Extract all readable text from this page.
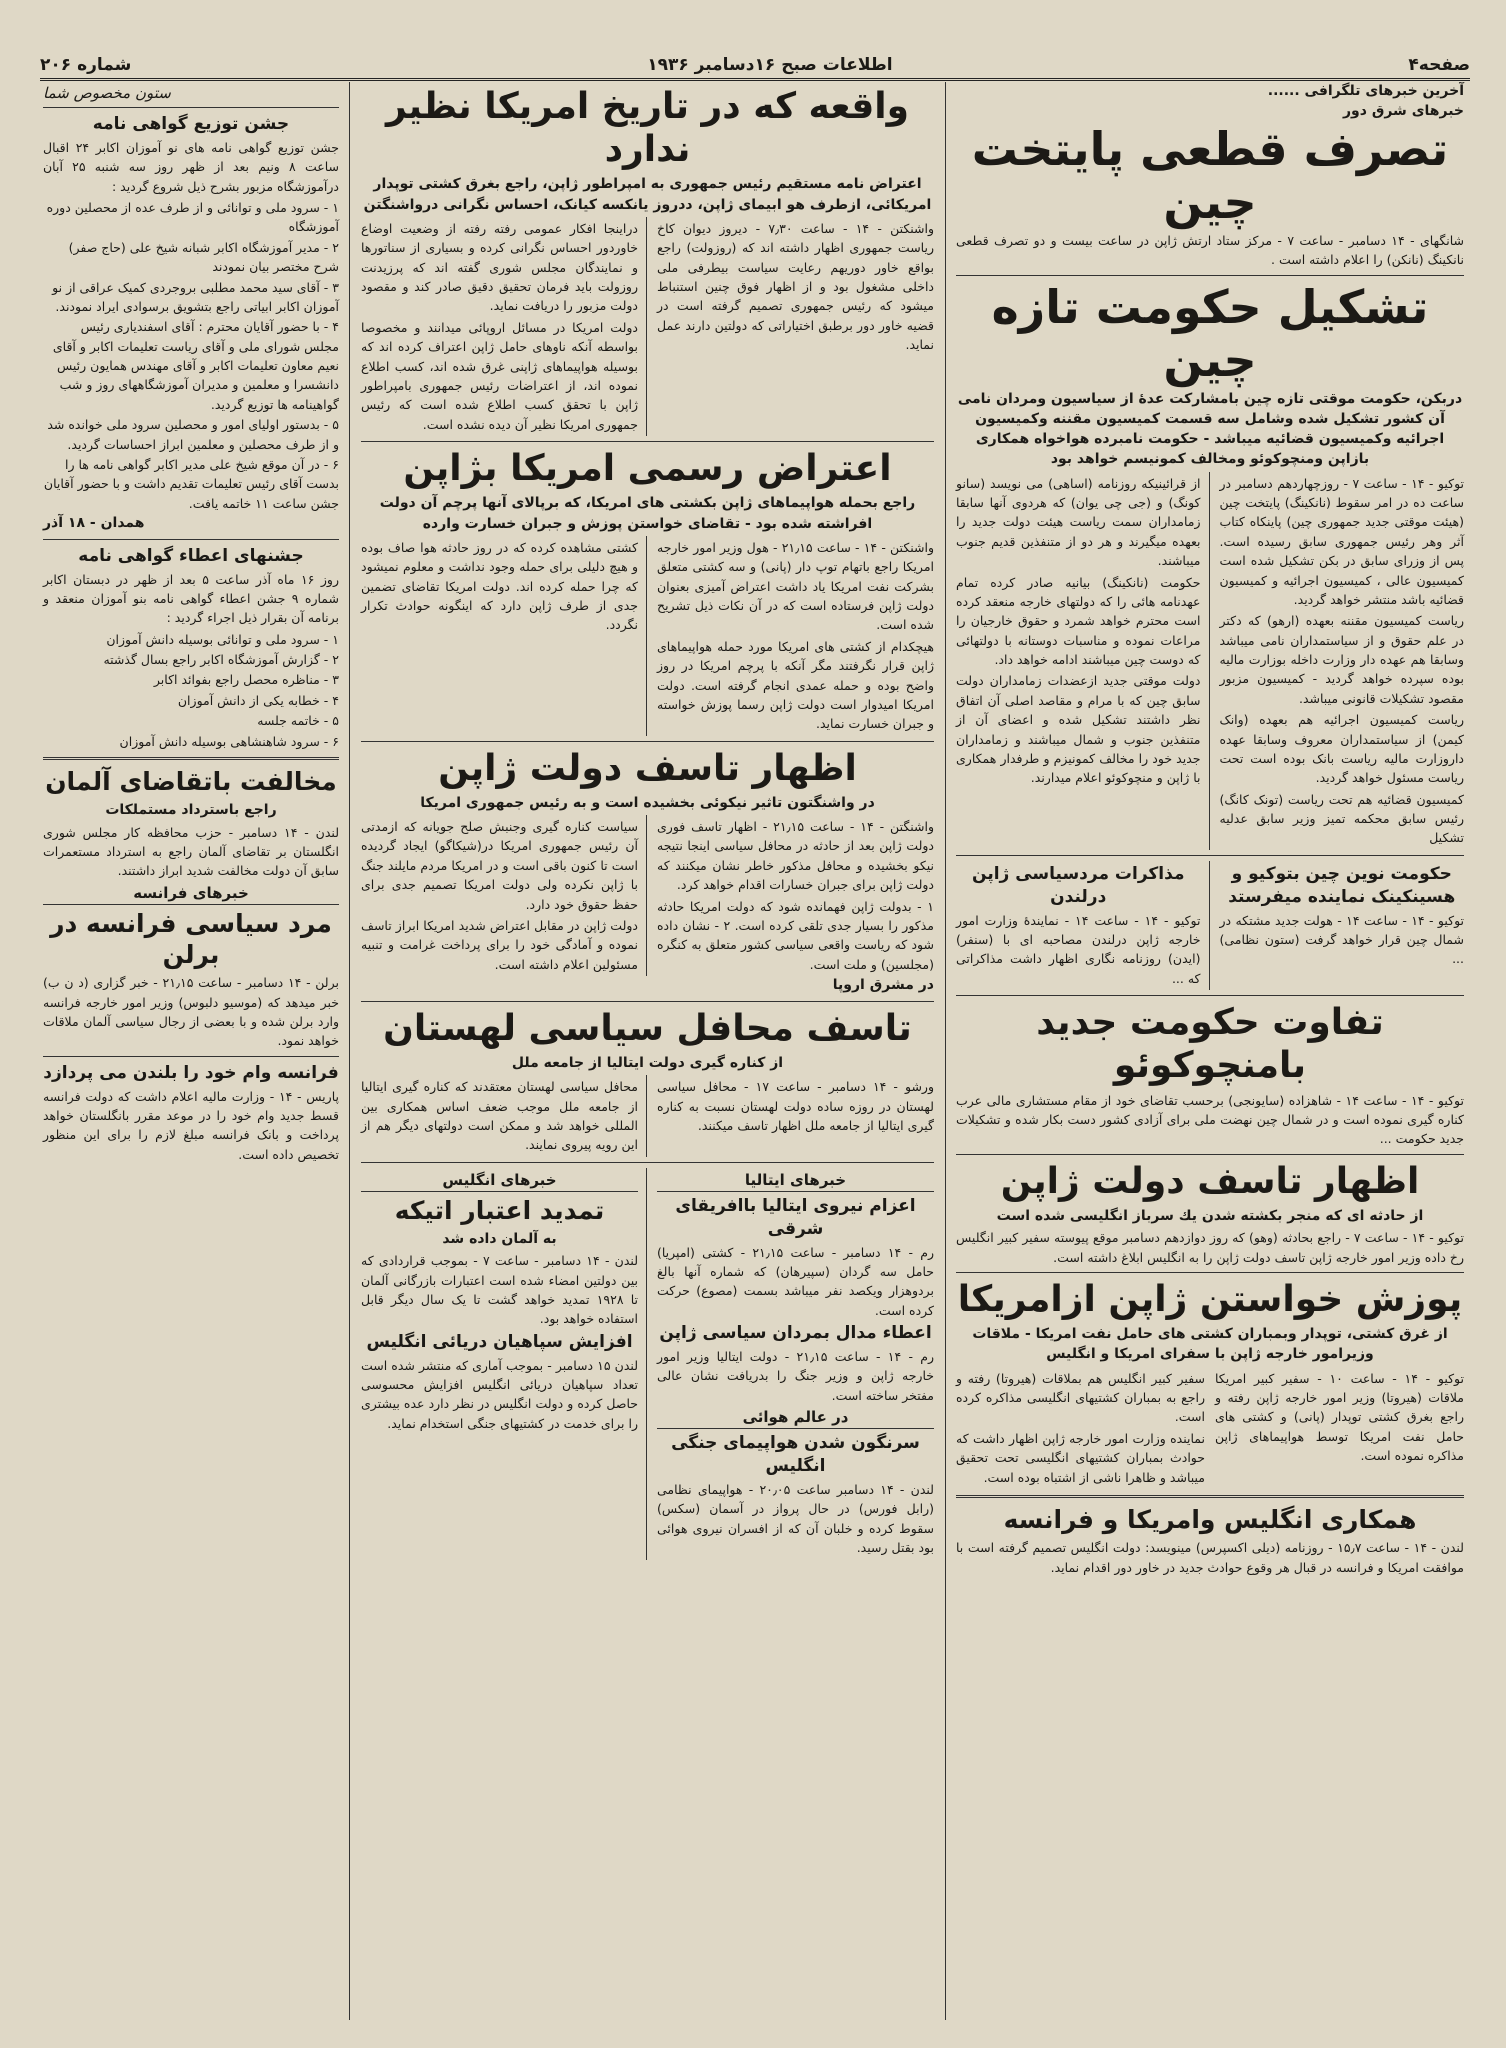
صفحه۴
اطلاعات صبح ۱۶دسامبر ۱۹۳۶
شماره ۲۰۶
آخرین خبرهای تلگرافی ......
خبرهای شرق دور
تصرف قطعی پایتخت چین
شانگهای - ۱۴ دسامبر - ساعت ۷ - مرکز ستاد ارتش ژاپن در ساعت بیست و دو تصرف قطعی نانکینگ (نانکن) را اعلام داشته است .
تشکیل حکومت تازه چین
دربکن، حکومت موقتی تازه چین بامشارکت عدۀ از سیاسیون ومردان نامی آن کشور تشکیل شده وشامل سه قسمت کمیسیون مقننه وکمیسیون اجرائیه وکمیسیون قضائیه میباشد - حکومت نامبرده هواخواه همکاری بازاپن ومنچوکوئو ومخالف کمونیسم خواهد بود
توکیو - ۱۴ - ساعت ۷ - روزچهاردهم دسامبر در ساعت ده در امر سقوط (نانکینگ) پایتخت چین (هیئت موقتی جدید جمهوری چین) پاینکاه کتاب آثر وهر رئیس جمهوری سابق رسیده است. پس از وزرای سابق در بکن تشکیل شده است کمیسیون عالی ، کمیسیون اجرائیه و کمیسیون قضائیه باشد منتشر خواهد گردید.
ریاست کمیسیون مقننه بعهده (ارهو) که دکتر در علم حقوق و از سیاستمداران نامی میباشد وسابقا هم عهده دار وزارت داخله بوزارت مالیه بوده سپرده خواهد گردید - کمیسیون مزبور مقصود تشکیلات قانونی میباشد.
ریاست کمیسیون اجرائیه هم بعهده (وانک کیمن) از سیاستمداران معروف وسابقا عهده داروزارت مالیه ریاست بانک بوده است تحت ریاست مسئول خواهد گردید.
کمیسیون قضائیه هم تحت ریاست (تونک کانگ) رئیس سابق محکمه تمیز وزیر سابق عدلیه تشکیل
از قرائینیکه روزنامه (اساهی) می نویسد (سانو کونگ) و (جی چی یوان) که هردوی آنها سابقا زمامداران سمت ریاست هیئت دولت جدید را بعهده میگیرند و هر دو از متنفذین قدیم جنوب میباشند.
حکومت (نانکینگ) بیانیه صادر کرده تمام عهدنامه هائی را که دولتهای خارجه منعقد کرده است محترم خواهد شمرد و حقوق خارجیان را مراعات نموده و مناسبات دوستانه با دولتهائی که دوست چین میباشند ادامه خواهد داد.
دولت موقتی جدید ازعضدات زمامداران دولت سابق چین که با مرام و مقاصد اصلی آن اتفاق نظر داشتند تشکیل شده و اعضای آن از متنفذین جنوب و شمال میباشند و زمامداران جدید خود را مخالف کمونیزم و طرفدار همکاری با ژاپن و منچوکوئو اعلام میدارند.
حکومت نوین چین بتوکیو و هسینکینک نماینده میفرستد
توکیو - ۱۴ - ساعت ۱۴ - هولت جدید مشتکه در شمال چین قرار خواهد گرفت (ستون نظامی) ...
مذاکرات مردسیاسی ژاپن درلندن
توکیو - ۱۴ - ساعت ۱۴ - نمایندهٔ وزارت امور خارجه ژاپن درلندن مصاحبه ای با (سنفر) (ایدن) روزنامه نگاری اظهار داشت مذاکراتی که ...
تفاوت حکومت جدید بامنچوکوئو
توکیو - ۱۴ - ساعت ۱۴ - شاهزاده (سایونجی) برحسب تقاضای خود از مقام مستشاری مالی عرب کناره گیری نموده است و در شمال چین نهضت ملی برای آزادی کشور دست بکار شده و تشکیلات جدید حکومت ...
اظهار تاسف دولت ژاپن
از حادثه ای که منجر بکشته شدن یك سرباز انگلیسی شده است
توکیو - ۱۴ - ساعت ۷ - راجع بحادثه (وهو) که روز دوازدهم دسامبر موقع پیوسته سفیر کبیر انگلیس رخ داده وزیر امور خارجه ژاپن تاسف دولت ژاپن را به انگلیس ابلاغ داشته است.
پوزش خواستن ژاپن ازامریکا
از غرق کشتی، توپدار وبمباران کشتی های حامل نفت امریکا - ملاقات وزیرامور خارجه ژاپن با سفرای امریکا و انگلیس
توکیو - ۱۴ - ساعت ۱۰ - سفیر کبیر امریکا ملاقات (هیروتا) وزیر امور خارجه ژاپن رفته و راجع بغرق کشتی توپدار (پانی) و کشتی های حامل نفت امریکا توسط هواپیماهای ژاپن مذاکره نموده است.
سفیر کبیر انگلیس هم بملاقات (هیروتا) رفته و راجع به بمباران کشتیهای انگلیسی مذاکره کرده است.
نماینده وزارت امور خارجه ژاپن اظهار داشت که حوادث بمباران کشتیهای انگلیسی تحت تحقیق میباشد و ظاهرا ناشی از اشتباه بوده است.
همکاری انگلیس وامریکا و فرانسه
لندن - ۱۴ - ساعت ۱۵٫۷ - روزنامه (دیلی اکسپرس) مینویسد: دولت انگلیس تصمیم گرفته است با موافقت امریکا و فرانسه در قبال هر وقوع حوادث جدید در خاور دور اقدام نماید.
واقعه که در تاریخ امریکا نظیر ندارد
اعتراض نامه مستقیم رئیس جمهوری به امپراطور ژاپن، راجع بغرق کشتی توپدار امریکائی، ازطرف هو ابیمای ژاپن، ددروز یانکسه کیانک، احساس نگرانی درواشنگتن
واشنکتن - ۱۴ - ساعت ۷٫۳۰ - دیروز دیوان کاخ ریاست جمهوری اظهار داشته اند که (روزولت) راجع بواقع خاور دوریهم رعایت سیاست بیطرفی ملی داخلی مشغول بود و از اظهار فوق چنین استنباط میشود که رئیس جمهوری تصمیم گرفته است در قضیه خاور دور برطبق اختیاراتی که دولتین دارند عمل نماید.
دراینجا افکار عمومی رفته رفته از وضعیت اوضاع خاوردور احساس نگرانی کرده و بسیاری از سناتورها و نمایندگان مجلس شوری گفته اند که پرزیدنت روزولت باید فرمان تحقیق دقیق صادر کند و مقصود دولت مزبور را دریافت نماید.
دولت امریکا در مسائل اروپائی میدانند و مخصوصا بواسطه آنکه ناوهای حامل ژاپن اعتراف کرده اند که بوسیله هواپیماهای ژاپنی غرق شده اند، کسب اطلاع نموده اند، از اعتراضات رئیس جمهوری بامپراطور ژاپن با تحقق کسب اطلاع شده است که رئیس جمهوری امریکا نظیر آن دیده نشده است.
اعتراض رسمی امریکا بژاپن
راجع بحمله هواپیماهای ژاپن بکشتی های امریکا، که برپالای آنها پرچم آن دولت افراشته شده بود - تقاضای خواستن پوزش و جبران خسارت وارده
واشنکتن - ۱۴ - ساعت ۲۱٫۱۵ - هول وزیر امور خارجه امریکا راجع باتهام توپ دار (پانی) و سه کشتی متعلق بشرکت نفت امریکا یاد داشت اعتراض آمیزی بعنوان دولت ژاپن فرستاده است که در آن نکات ذیل تشریح شده است.
هیچکدام از کشتی های امریکا مورد حمله هواپیماهای ژاپن قرار نگرفتند مگر آنکه با پرچم امریکا در روز واضح بوده و حمله عمدی انجام گرفته است. دولت امریکا امیدوار است دولت ژاپن رسما پوزش خواسته و جبران خسارت نماید.
کشتی مشاهده کرده که در روز حادثه هوا صاف بوده و هیچ دلیلی برای حمله وجود نداشت و معلوم نمیشود که چرا حمله کرده اند. دولت امریکا تقاضای تضمین جدی از طرف ژاپن دارد که اینگونه حوادث تکرار نگردد.
اظهار تاسف دولت ژاپن
در واشنگتون تاثیر نیکوئی بخشیده است و به رئیس جمهوری امریکا
واشنگتن - ۱۴ - ساعت ۲۱٫۱۵ - اظهار تاسف فوری دولت ژاپن بعد از حادثه در محافل سیاسی اینجا نتیجه نیکو بخشیده و محافل مذکور خاطر نشان میکنند که دولت ژاپن برای جبران خسارات اقدام خواهد کرد.
۱ - بدولت ژاپن فهمانده شود که دولت امریکا حادثه مذکور را بسیار جدی تلقی کرده است. ۲ - نشان داده شود که ریاست واقعی سیاسی کشور متعلق به کنگره (مجلسین) و ملت است.
سیاست کناره گیری وجنبش صلح جویانه که ازمدتی آن رئیس جمهوری امریکا در(شیکاگو) ایجاد گردیده است تا کنون باقی است و در امریکا مردم مایلند جنگ با ژاپن نکرده ولی دولت امریکا تصمیم جدی برای حفظ حقوق خود دارد.
دولت ژاپن در مقابل اعتراض شدید امریکا ابراز تاسف نموده و آمادگی خود را برای پرداخت غرامت و تنبیه مسئولین اعلام داشته است.
در مشرق اروپا
تاسف محافل سیاسی لهستان
از کناره گیری دولت ایتالیا از جامعه ملل
ورشو - ۱۴ دسامبر - ساعت ۱۷ - محافل سیاسی لهستان در روزه ساده دولت لهستان نسبت به کناره گیری ایتالیا از جامعه ملل اظهار تاسف میکنند.
محافل سیاسی لهستان معتقدند که کناره گیری ایتالیا از جامعه ملل موجب ضعف اساس همکاری بین المللی خواهد شد و ممکن است دولتهای دیگر هم از این رویه پیروی نمایند.
خبرهای ایتالیا
اعزام نیروی ایتالیا باافریقای شرقی
رم - ۱۴ دسامبر - ساعت ۲۱٫۱۵ - کشتی (امپریا) حامل سه گردان (سپیرهان) که شماره آنها بالغ بردوهزار ویکصد نفر میباشد بسمت (مصوع) حرکت کرده است.
اعطاء مدال بمردان سیاسی ژاپن
رم - ۱۴ - ساعت ۲۱٫۱۵ - دولت ایتالیا وزیر امور خارجه ژاپن و وزیر جنگ را بدریافت نشان عالی مفتخر ساخته است.
در عالم هوائی
سرنگون شدن هواپیمای جنگی انگلیس
لندن - ۱۴ دسامبر ساعت ۲۰٫۰۵ - هواپیمای نظامی (رابل فورس) در حال پرواز در آسمان (سکس) سقوط کرده و خلبان آن که از افسران نیروی هوائی بود بقتل رسید.
خبرهای انگلیس
تمدید اعتبار اتیکه
به آلمان داده شد
لندن - ۱۴ دسامبر - ساعت ۷ - بموجب قراردادی که بین دولتین امضاء شده است اعتبارات بازرگانی آلمان تا ۱۹۲۸ تمدید خواهد گشت تا یک سال دیگر قابل استفاده خواهد بود.
افزایش سپاهیان دریائی انگلیس
لندن ۱۵ دسامبر - بموجب آماری که منتشر شده است تعداد سپاهیان دریائی انگلیس افزایش محسوسی حاصل کرده و دولت انگلیس در نظر دارد عده بیشتری را برای خدمت در کشتیهای جنگی استخدام نماید.
ستون مخصوص شما
جشن توزیع گواهی نامه
جشن توزیع گواهی نامه های نو آموزان اکابر ۲۴ اقبال ساعت ۸ ونیم بعد از ظهر روز سه شنبه ۲۵ آبان درآموزشگاه مزبور بشرح ذیل شروع گردید :
۱ - سرود ملی و توانائی و از طرف عده از محصلین دوره آموزشگاه
۲ - مدیر آموزشگاه اکابر شبانه شیخ علی (حاج صفر) شرح مختصر بیان نمودند
۳ - آقای سید محمد مطلبی بروجردی کمیک عراقی از نو آموزان اکابر ابیاتی راجع بتشویق برسوادی ایراد نمودند.
۴ - با حضور آقایان محترم : آقای اسفندیاری رئیس مجلس شورای ملی و آقای ریاست تعلیمات اکابر و آقای نعیم معاون تعلیمات اکابر و آقای مهندس همایون رئیس دانشسرا و معلمین و مدیران آموزشگاههای روز و شب گواهینامه ها توزیع گردید.
۵ - بدستور اولیای امور و محصلین سرود ملی خوانده شد و از طرف محصلین و معلمین ابراز احساسات گردید.
۶ - در آن موقع شیخ علی مدیر اکابر گواهی نامه ها را بدست آقای رئیس تعلیمات تقدیم داشت و با حضور آقایان جشن ساعت ۱۱ خاتمه یافت.
همدان - ۱۸ آذر
جشنهای اعطاء گواهی نامه
روز ۱۶ ماه آذر ساعت ۵ بعد از ظهر در دبستان اکابر شماره ۹ جشن اعطاء گواهی نامه بنو آموزان منعقد و برنامه آن بقرار ذیل اجراء گردید :
۱ - سرود ملی و توانائی بوسیله دانش آموزان
۲ - گزارش آموزشگاه اکابر راجع بسال گذشته
۳ - مناظره محصل راجع بفوائد اکابر
۴ - خطابه یکی از دانش آموزان
۵ - خاتمه جلسه
۶ - سرود شاهنشاهی بوسیله دانش آموزان
مخالفت باتقاضای آلمان
راجع باسترداد مستملکات
لندن - ۱۴ دسامبر - حزب محافظه کار مجلس شوری انگلستان بر تقاضای آلمان راجع به استرداد مستعمرات سابق آن دولت مخالفت شدید ابراز داشتند.
خبرهای فرانسه
مرد سیاسی فرانسه در برلن
برلن - ۱۴ دسامبر - ساعت ۲۱٫۱۵ - خبر گزاری (د ن ب) خبر میدهد که (موسیو دلبوس) وزیر امور خارجه فرانسه وارد برلن شده و با بعضی از رجال سیاسی آلمان ملاقات خواهد نمود.
فرانسه وام خود را بلندن می پردازد
پاریس - ۱۴ - وزارت مالیه اعلام داشت که دولت فرانسه قسط جدید وام خود را در موعد مقرر بانگلستان خواهد پرداخت و بانک فرانسه مبلغ لازم را برای این منظور تخصیص داده است.
